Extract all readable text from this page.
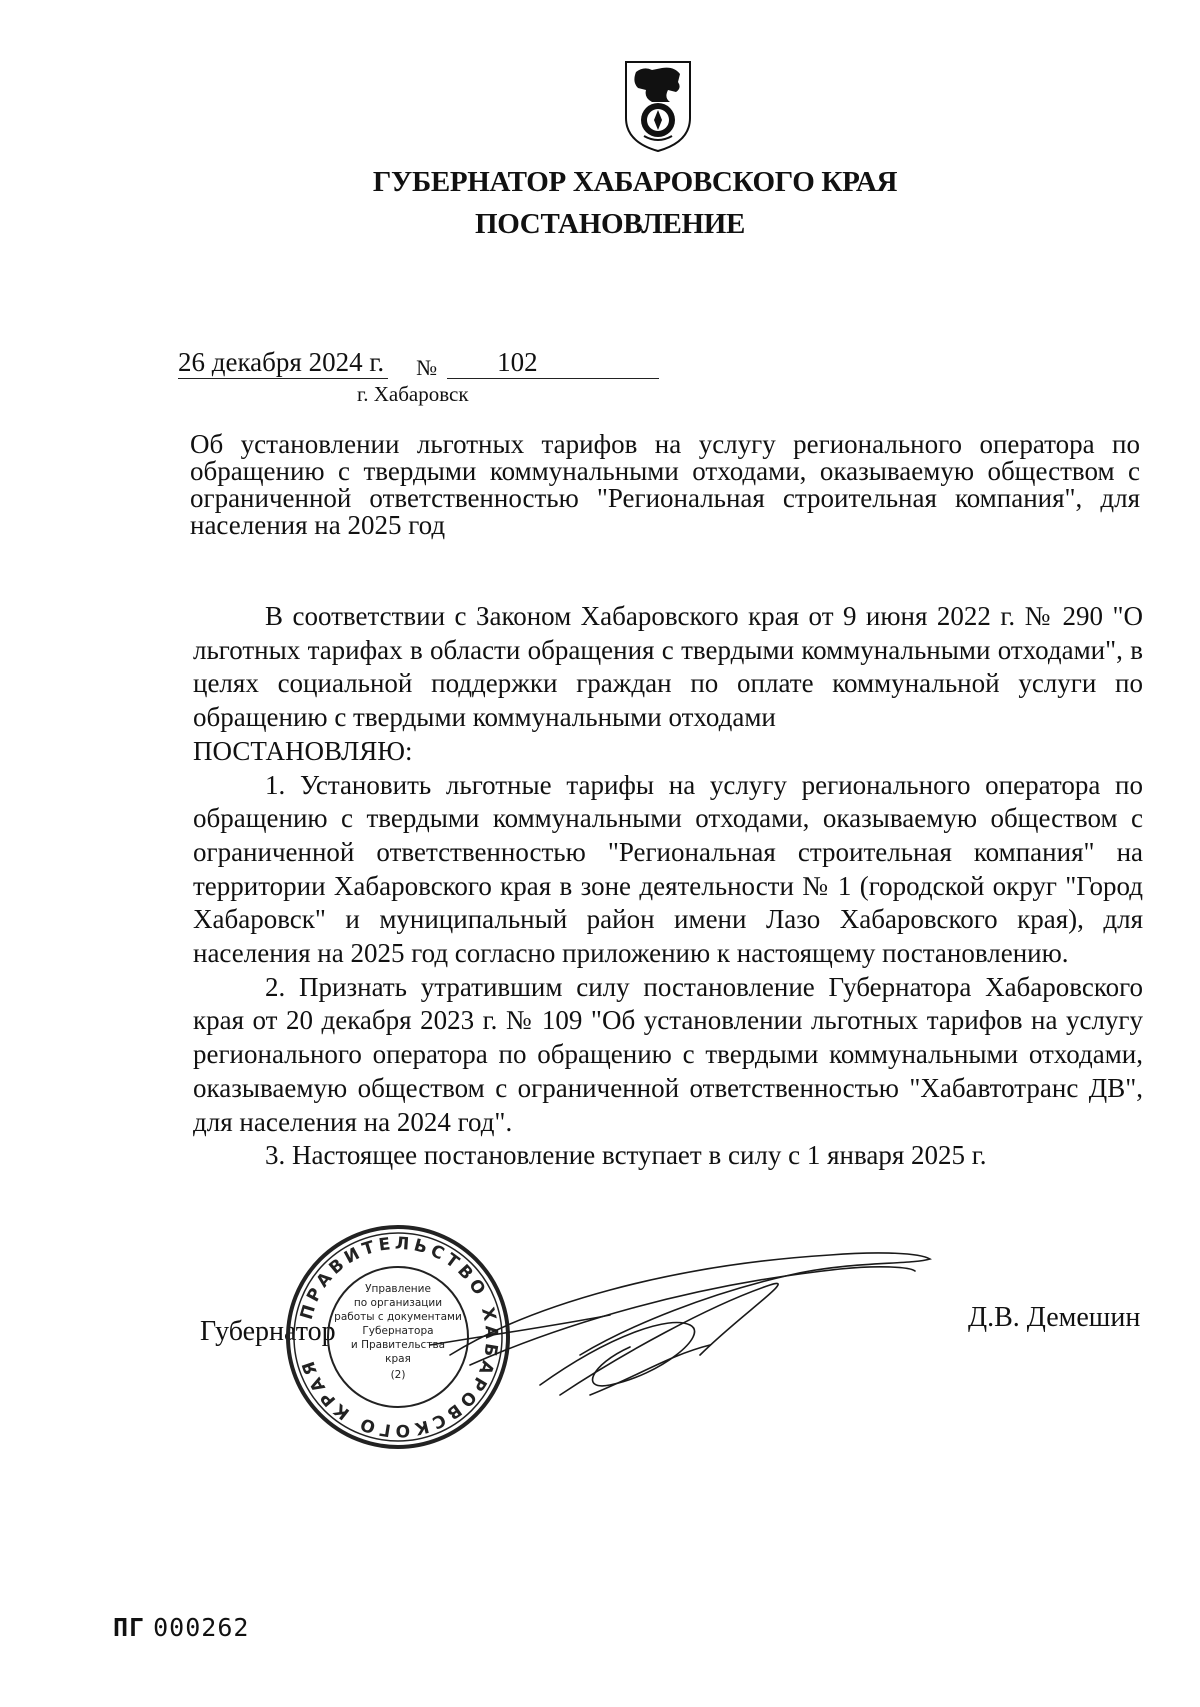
ГУБЕРНАТОР ХАБАРОВСКОГО КРАЯ
ПОСТАНОВЛЕНИЕ
26 декабря 2024 г. № 102
г. Хабаровск
Об установлении льготных тарифов на услугу регионального оператора по обращению с твердыми коммунальными отходами, оказываемую обществом с ограниченной ответственностью "Региональная строительная компания", для населения на 2025 год

В соответствии с Законом Хабаровского края от 9 июня 2022 г. № 290 "О льготных тарифах в области обращения с твердыми коммунальными отходами", в целях социальной поддержки граждан по оплате коммунальной услуги по обращению с твердыми коммунальными отходами

ПОСТАНОВЛЯЮ:

1. Установить льготные тарифы на услугу регионального оператора по обращению с твердыми коммунальными отходами, оказываемую обществом с ограниченной ответственностью "Региональная строительная компания" на территории Хабаровского края в зоне деятельности № 1 (городской округ "Город Хабаровск" и муниципальный район имени Лазо Хабаровского края), для населения на 2025 год согласно приложению к настоящему постановлению.

2. Признать утратившим силу постановление Губернатора Хабаровского края от 20 декабря 2023 г. № 109 "Об установлении льготных тарифов на услугу регионального оператора по обращению с твердыми коммунальными отходами, оказываемую обществом с ограниченной ответственностью "Хабавтотранс ДВ", для населения на 2024 год".

3. Настоящее постановление вступает в силу с 1 января 2025 г.

Губернатор	Д.В. Демешин
ПРАВИТЕЛЬСТВО ХАБАРОВСКОГО КРАЯ
Управление
по организации
работы с документами
Губернатора
и Правительства
края
(2)
ПГ 000262
